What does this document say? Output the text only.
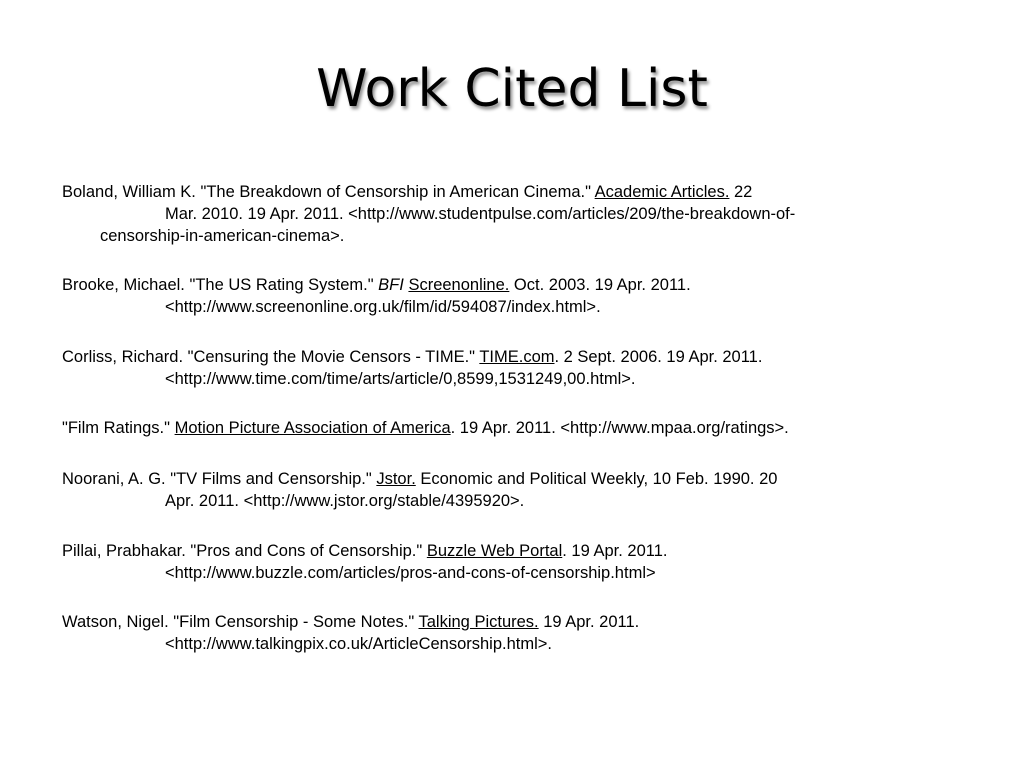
Work Cited List

Boland, William K. "The Breakdown of Censorship in American Cinema." Academic Articles. 22
Mar. 2010. 19 Apr. 2011. <http://www.studentpulse.com/articles/209/the-breakdown-of-
censorship-in-american-cinema>.

Brooke, Michael. "The US Rating System." BFI Screenonline. Oct. 2003. 19 Apr. 2011.
<http://www.screenonline.org.uk/film/id/594087/index.html>.

Corliss, Richard. "Censuring the Movie Censors - TIME." TIME.com. 2 Sept. 2006. 19 Apr. 2011.
<http://www.time.com/time/arts/article/0,8599,1531249,00.html>.

"Film Ratings." Motion Picture Association of America. 19 Apr. 2011. <http://www.mpaa.org/ratings>.

Noorani, A. G. "TV Films and Censorship." Jstor. Economic and Political Weekly, 10 Feb. 1990. 20
Apr. 2011. <http://www.jstor.org/stable/4395920>.

Pillai, Prabhakar. "Pros and Cons of Censorship." Buzzle Web Portal. 19 Apr. 2011.
<http://www.buzzle.com/articles/pros-and-cons-of-censorship.html>

Watson, Nigel. "Film Censorship - Some Notes." Talking Pictures. 19 Apr. 2011.
<http://www.talkingpix.co.uk/ArticleCensorship.html>.
